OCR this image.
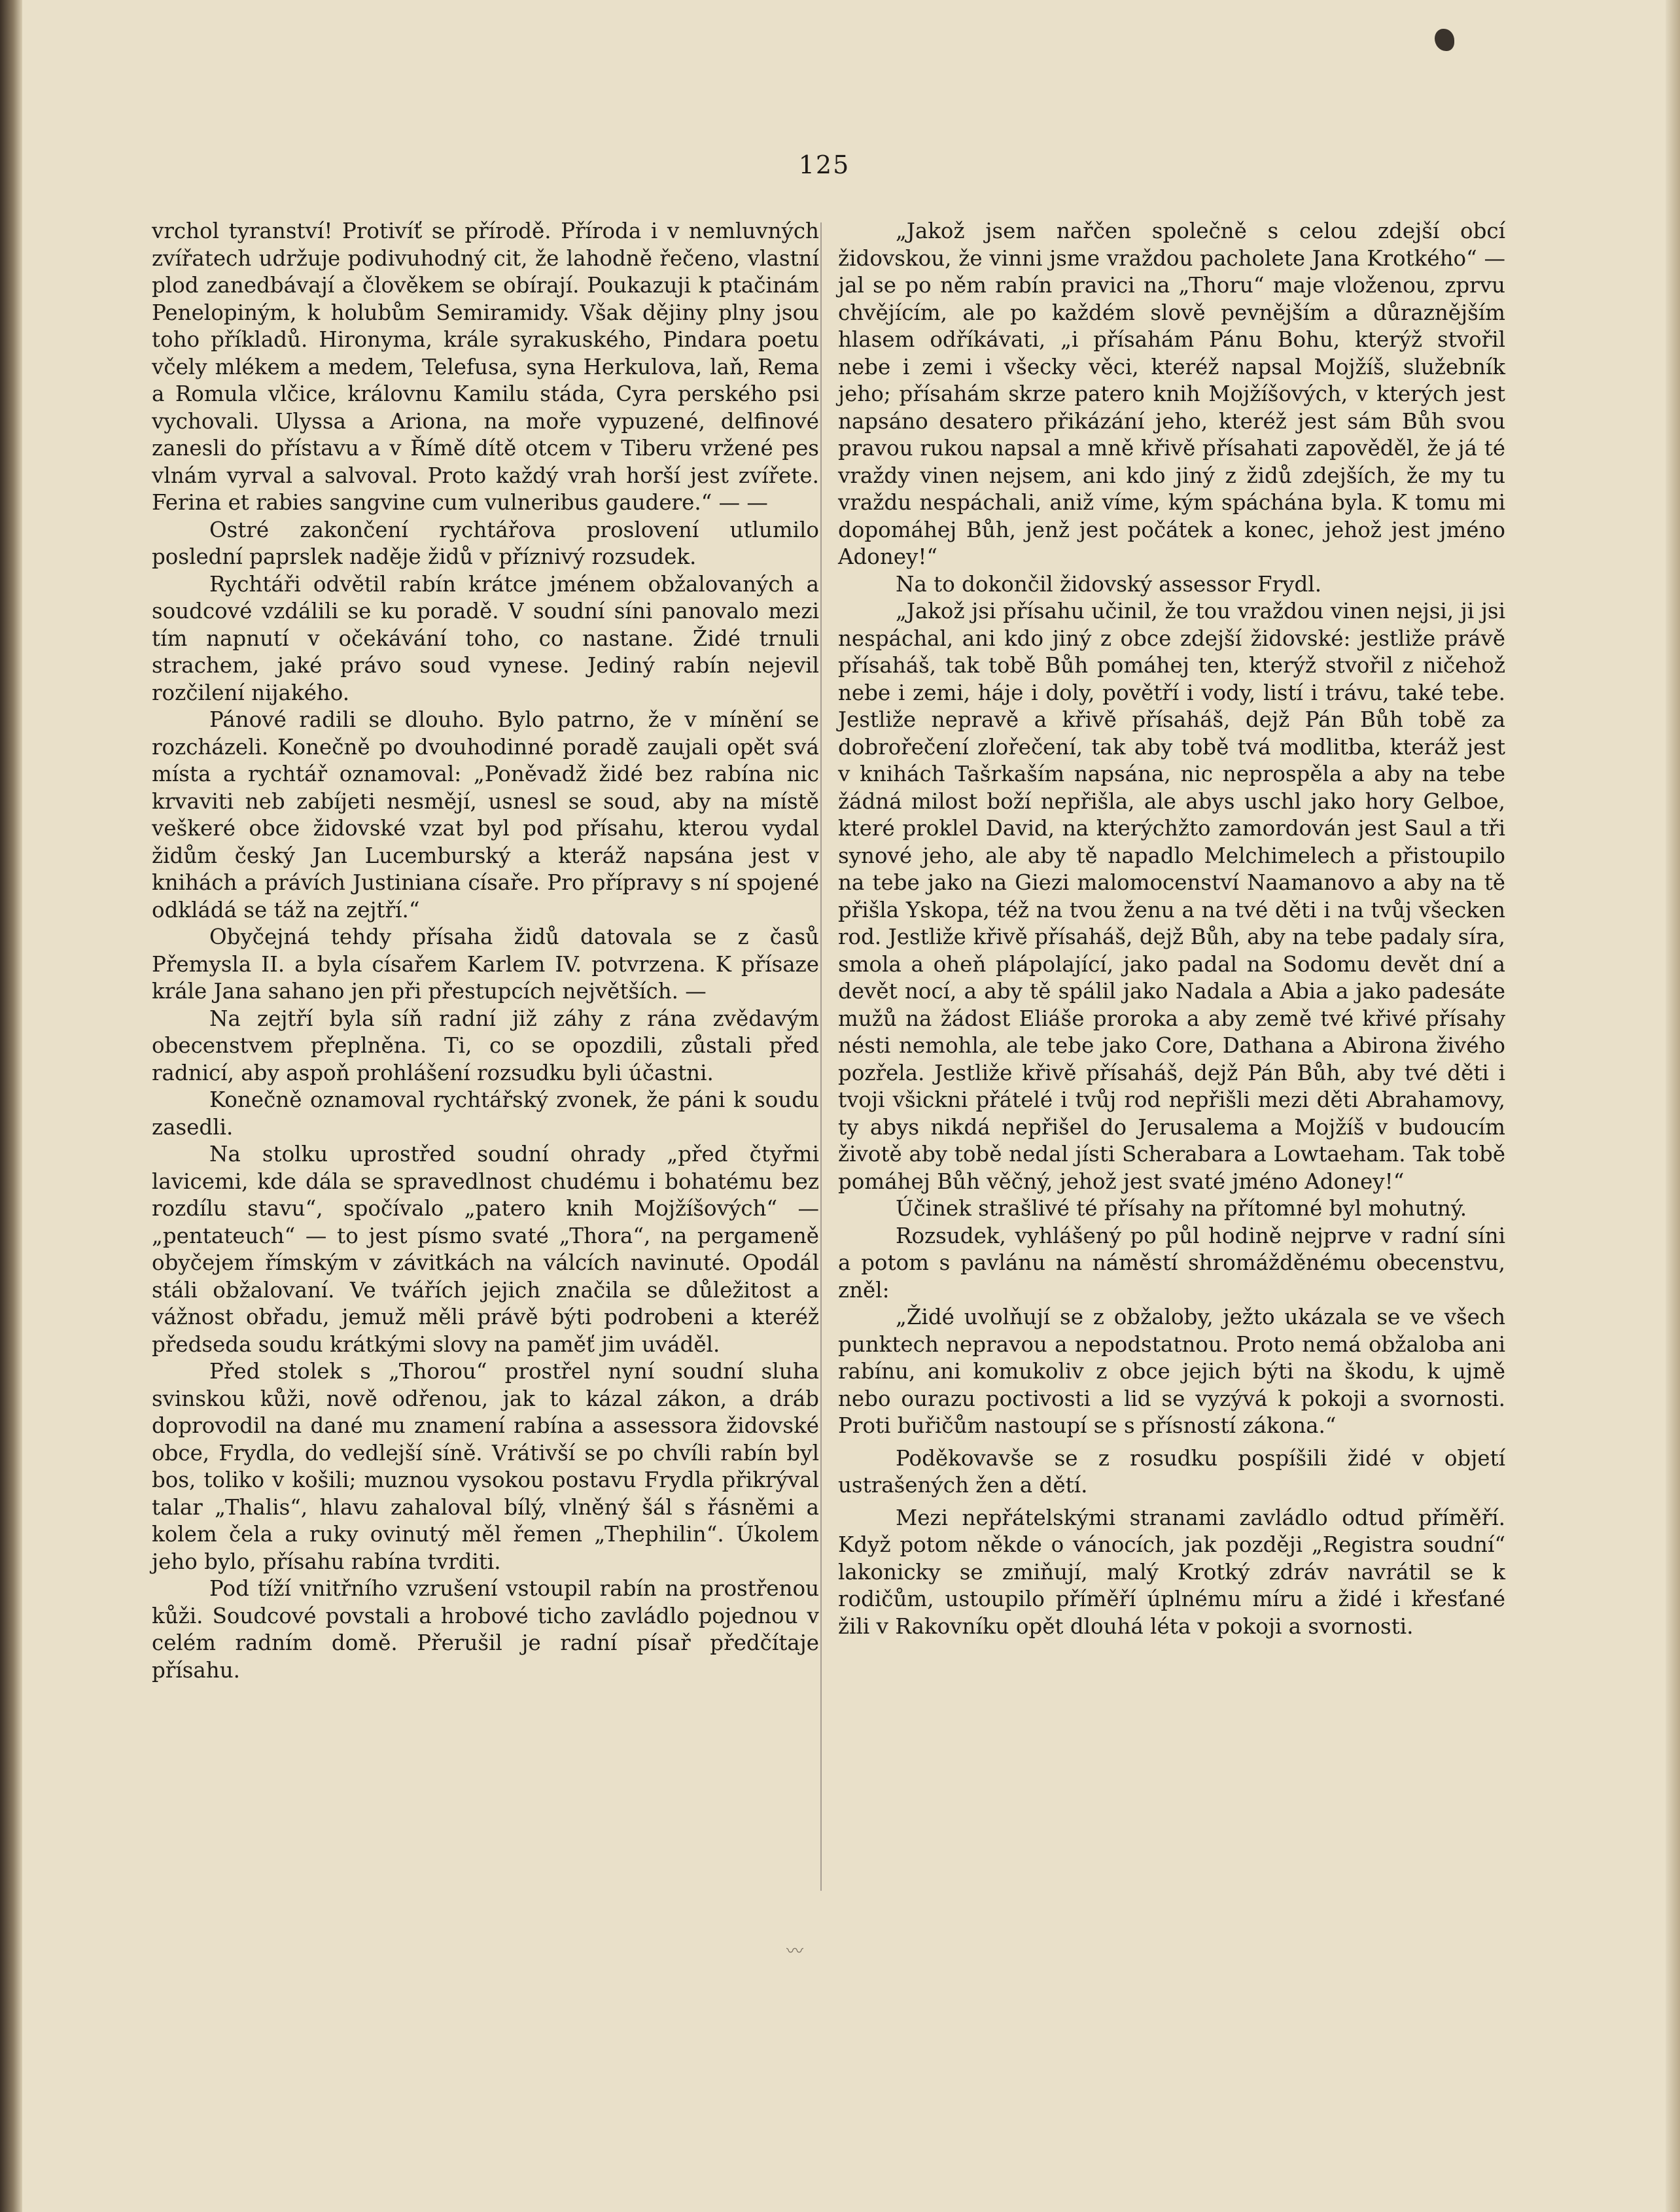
125

vrchol tyranství! Protivíť se přírodě. Příroda i v nemluvných zvířatech udržuje podivuhodný cit, že lahodně řečeno, vlastní plod zanedbávají a člověkem se obírají. Poukazuji k ptačinám Penelopiným, k holubům Semiramidy. Však dějiny plny jsou toho příkladů. Hironyma, krále syrakuského, Pindara poetu včely mlékem a medem, Telefusa, syna Herkulova, laň, Rema a Romula vlčice, královnu Kamilu stáda, Cyra perského psi vychovali. Ulyssa a Ariona, na moře vypuzené, delfinové zanesli do přístavu a v Římě dítě otcem v Tiberu vržené pes vlnám vyrval a salvoval. Proto každý vrah horší jest zvířete. Ferina et rabies sangvine cum vulneribus gaudere.“ — —

Ostré zakončení rychtářova proslovení utlumilo poslední paprslek naděje židů v příznivý rozsudek.

Rychtáři odvětil rabín krátce jménem obžalovaných a soudcové vzdálili se ku poradě. V soudní síni panovalo mezi tím napnutí v očekávání toho, co nastane. Židé trnuli strachem, jaké právo soud vynese. Jediný rabín nejevil rozčilení nijakého.

Pánové radili se dlouho. Bylo patrno, že v mínění se rozcházeli. Konečně po dvouhodinné poradě zaujali opět svá místa a rychtář oznamoval: „Poněvadž židé bez rabína nic krvaviti neb zabíjeti nesmějí, usnesl se soud, aby na místě veškeré obce židovské vzat byl pod přísahu, kterou vydal židům český Jan Lucemburský a kteráž napsána jest v knihách a právích Justiniana císaře. Pro přípravy s ní spojené odkládá se táž na zejtří.“

Obyčejná tehdy přísaha židů datovala se z časů Přemysla II. a byla císařem Karlem IV. potvrzena. K přísaze krále Jana sahano jen při přestupcích největších. —

Na zejtří byla síň radní již záhy z rána zvědavým obecenstvem přeplněna. Ti, co se opozdili, zůstali před radnicí, aby aspoň prohlášení rozsudku byli účastni.

Konečně oznamoval rychtářský zvonek, že páni k soudu zasedli.

Na stolku uprostřed soudní ohrady „před čtyřmi lavicemi, kde dála se spravedlnost chudému i bohatému bez rozdílu stavu“, spočívalo „patero knih Mojžíšových“ — „pentateuch“ — to jest písmo svaté „Thora“, na pergameně obyčejem římským v závitkách na válcích navinuté. Opodál stáli obžalovaní. Ve tvářích jejich značila se důležitost a vážnost obřadu, jemuž měli právě býti podrobeni a kteréž předseda soudu krátkými slovy na paměť jim uváděl.

Před stolek s „Thorou“ prostřel nyní soudní sluha svinskou kůži, nově odřenou, jak to kázal zákon, a dráb doprovodil na dané mu znamení rabína a assessora židovské obce, Frydla, do vedlejší síně. Vrátivší se po chvíli rabín byl bos, toliko v košili; muznou vysokou postavu Frydla přikrýval talar „Thalis“, hlavu zahaloval bílý, vlněný šál s řásněmi a kolem čela a ruky ovinutý měl řemen „Thephilin“. Úkolem jeho bylo, přísahu rabína tvrditi.

Pod tíží vnitřního vzrušení vstoupil rabín na prostřenou kůži. Soudcové povstali a hrobové ticho zavládlo pojednou v celém radním domě. Přerušil je radní písař předčítaje přísahu.

„Jakož jsem nařčen společně s celou zdejší obcí židovskou, že vinni jsme vraždou pacholete Jana Krotkého“ — jal se po něm rabín pravici na „Thoru“ maje vloženou, zprvu chvějícím, ale po každém slově pevnějším a důraznějším hlasem odříkávati, „i přísahám Pánu Bohu, kterýž stvořil nebe i zemi i všecky věci, kteréž napsal Mojžíš, služebník jeho; přísahám skrze patero knih Mojžíšových, v kterých jest napsáno desatero přikázání jeho, kteréž jest sám Bůh svou pravou rukou napsal a mně křivě přísahati zapověděl, že já té vraždy vinen nejsem, ani kdo jiný z židů zdejších, že my tu vraždu nespáchali, aniž víme, kým spáchána byla. K tomu mi dopomáhej Bůh, jenž jest počátek a konec, jehož jest jméno Adoney!“

Na to dokončil židovský assessor Frydl.

„Jakož jsi přísahu učinil, že tou vraždou vinen nejsi, ji jsi nespáchal, ani kdo jiný z obce zdejší židovské: jestliže právě přísaháš, tak tobě Bůh pomáhej ten, kterýž stvořil z ničehož nebe i zemi, háje i doly, povětří i vody, listí i trávu, také tebe. Jestliže nepravě a křivě přísaháš, dejž Pán Bůh tobě za dobrořečení zlořečení, tak aby tobě tvá modlitba, kteráž jest v knihách Tašrkaším napsána, nic neprospěla a aby na tebe žádná milost boží nepřišla, ale abys uschl jako hory Gelboe, které proklel David, na kterýchžto zamordován jest Saul a tři synové jeho, ale aby tě napadlo Melchimelech a přistoupilo na tebe jako na Giezi malomocenství Naamanovo a aby na tě přišla Yskopa, též na tvou ženu a na tvé děti i na tvůj všecken rod. Jestliže křivě přísaháš, dejž Bůh, aby na tebe padaly síra, smola a oheň plápolající, jako padal na Sodomu devět dní a devět nocí, a aby tě spálil jako Nadala a Abia a jako padesáte mužů na žádost Eliáše proroka a aby země tvé křivé přísahy nésti nemohla, ale tebe jako Core, Dathana a Abirona živého pozřela. Jestliže křivě přísaháš, dejž Pán Bůh, aby tvé děti i tvoji všickni přátelé i tvůj rod nepřišli mezi děti Abrahamovy, ty abys nikdá nepřišel do Jerusalema a Mojžíš v budoucím životě aby tobě nedal jísti Scherabara a Lowtaeham. Tak tobě pomáhej Bůh věčný, jehož jest svaté jméno Adoney!“

Účinek strašlivé té přísahy na přítomné byl mohutný.

Rozsudek, vyhlášený po půl hodině nejprve v radní síni a potom s pavlánu na náměstí shromážděnému obecenstvu, zněl:

„Židé uvolňují se z obžaloby, ježto ukázala se ve všech punktech nepravou a nepodstatnou. Proto nemá obžaloba ani rabínu, ani komukoliv z obce jejich býti na škodu, k ujmě nebo ourazu poctivosti a lid se vyzývá k pokoji a svornosti. Proti buřičům nastoupí se s přísností zákona.“

Poděkovavše se z rosudku pospíšili židé v objetí ustrašených žen a dětí.

Mezi nepřátelskými stranami zavládlo odtud příměří. Když potom někde o vánocích, jak později „Registra soudní“ lakonicky se zmiňují, malý Krotký zdráv navrátil se k rodičům, ustoupilo příměří úplnému míru a židé i křesťané žili v Rakovníku opět dlouhá léta v pokoji a svornosti.

〰
